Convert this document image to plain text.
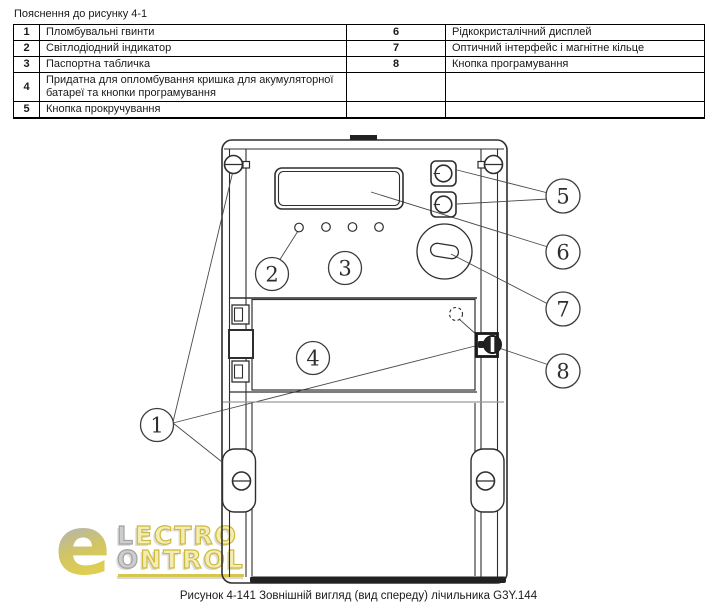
Пояснення до рисунку 4-1
1	Пломбувальні гвинти	6	Рідкокристалічний дисплей
2	Світлодіодний індикатор	7	Оптичний інтерфейс і магнітне кільце
3	Паспортна табличка	8	Кнопка програмування
4	Придатна для опломбування кришка для акумуляторної батареї та кнопки програмування		
5	Кнопка прокручування		
e LECTRO
ONTROL
1
2	3
4
5
6
7
8
Рисунок 4-141 Зовнішній вигляд (вид спереду) лічильника G3Y.144
